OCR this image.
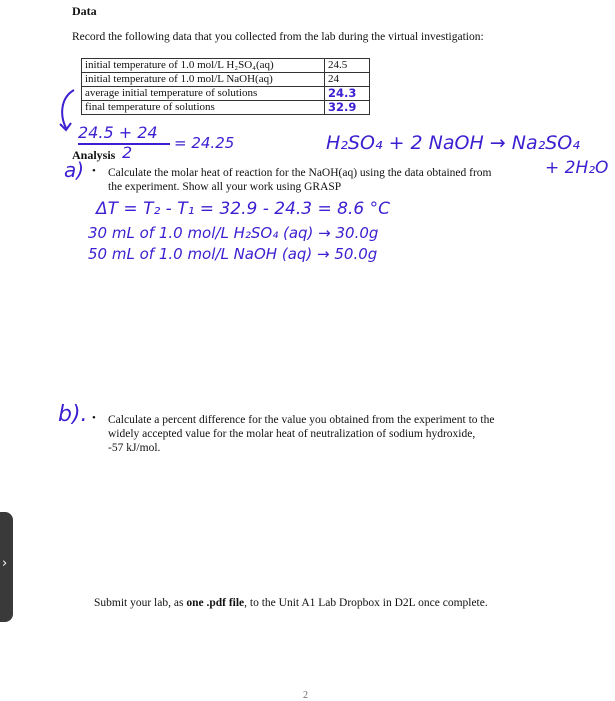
Data
Record the following data that you collected from the lab during the virtual investigation:
initial temperature of 1.0 mol/L H₂SO₄(aq)	24.5
initial temperature of 1.0 mol/L NaOH(aq)	24
average initial temperature of solutions	24.3
final temperature of solutions	32.9
24.5 + 24
2	= 24.25
Analysis
H₂SO₄ + 2 NaOH → Na₂SO₄
+ 2H₂O
a) • Calculate the molar heat of reaction for the NaOH(aq) using the data obtained from
the experiment. Show all your work using GRASP
ΔT = T₂ - T₁ = 32.9 - 24.3 = 8.6 °C
30 mL of 1.0 mol/L H₂SO₄ (aq) → 30.0g
50 mL of 1.0 mol/L NaOH (aq) → 50.0g
b). • Calculate a percent difference for the value you obtained from the experiment to the
widely accepted value for the molar heat of neutralization of sodium hydroxide,
-57 kJ/mol.
Submit your lab, as one .pdf file, to the Unit A1 Lab Dropbox in D2L once complete.
2
›
